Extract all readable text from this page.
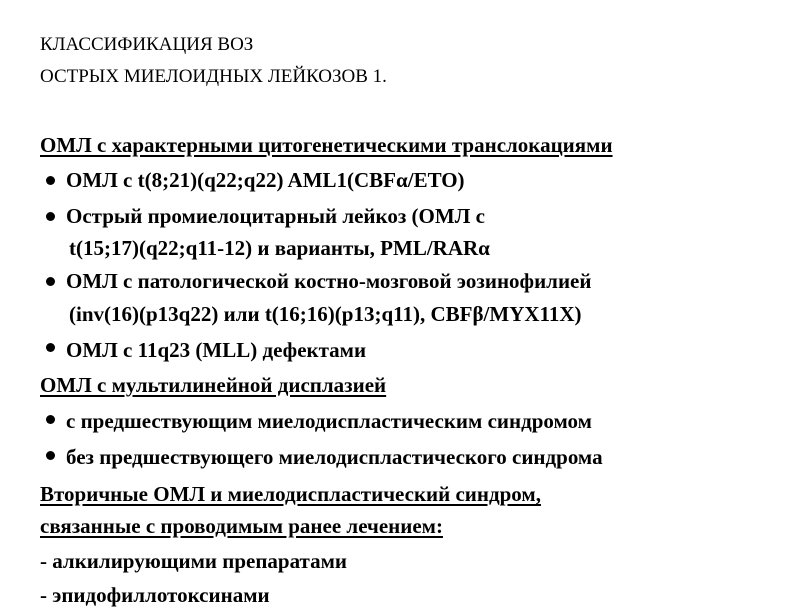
КЛАССИФИКАЦИЯ ВОЗ
ОСТРЫХ МИЕЛОИДНЫХ ЛЕЙКОЗОВ 1.
ОМЛ с характерными цитогенетическими транслокациями
ОМЛ с t(8;21)(q22;q22) AML1(CBFα/ETO)
Острый промиелоцитарный лейкоз (ОМЛ с
t(15;17)(q22;q11-12) и варианты, PML/RARα
ОМЛ с патологической костно-мозговой эозинофилией
(inv(16)(p13q22) или t(16;16)(p13;q11), CBFβ/MYX11X)
ОМЛ с 11q23 (MLL) дефектами
ОМЛ с мультилинейной дисплазией
с предшествующим миелодиспластическим синдромом
без предшествующего миелодиспластического синдрома
Вторичные ОМЛ и миелодиспластический синдром,
связанные с проводимым ранее лечением:
- алкилирующими препаратами
- эпидофиллотоксинами
